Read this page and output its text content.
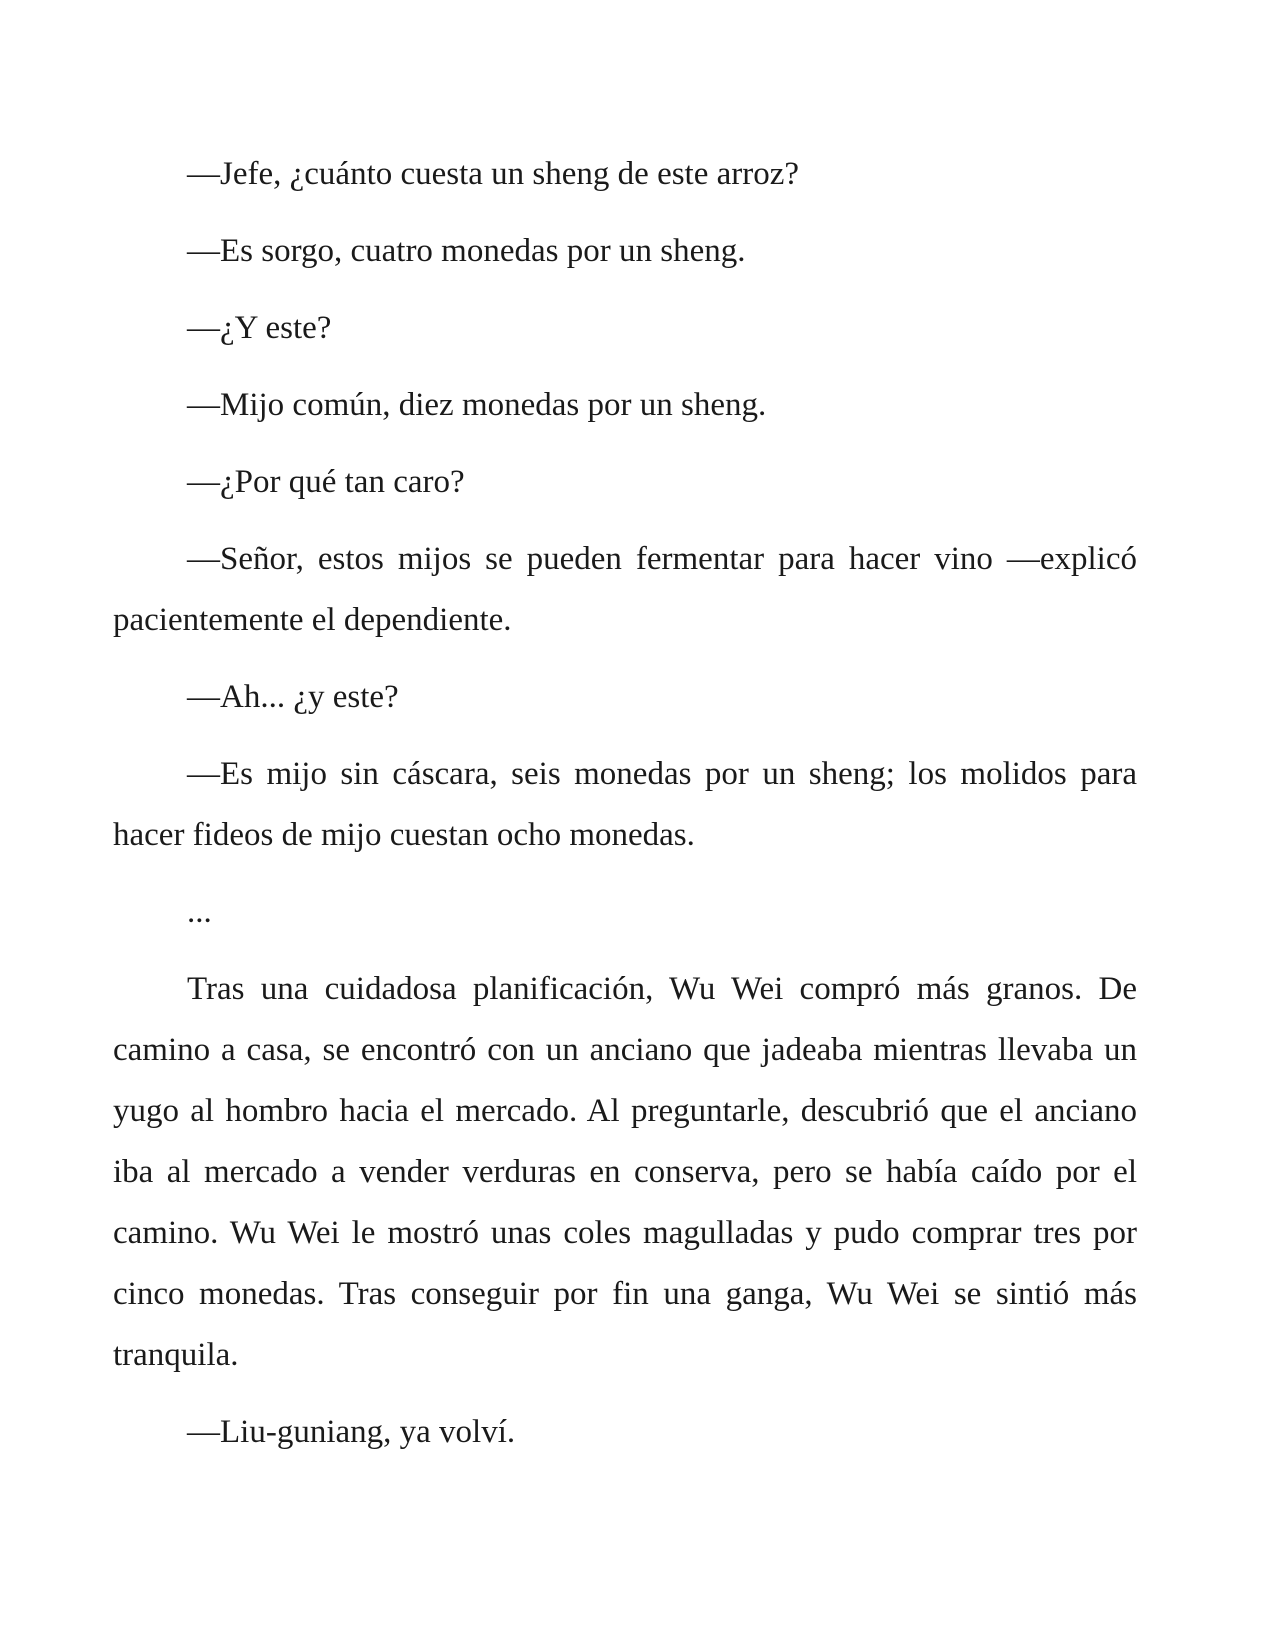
—Jefe, ¿cuánto cuesta un sheng de este arroz?

—Es sorgo, cuatro monedas por un sheng.

—¿Y este?

—Mijo común, diez monedas por un sheng.

—¿Por qué tan caro?

—Señor, estos mijos se pueden fermentar para hacer vino —explicó pacientemente el dependiente.

—Ah... ¿y este?

—Es mijo sin cáscara, seis monedas por un sheng; los molidos para hacer fideos de mijo cuestan ocho monedas.

...

Tras una cuidadosa planificación, Wu Wei compró más granos. De camino a casa, se encontró con un anciano que jadeaba mientras llevaba un yugo al hombro hacia el mercado. Al preguntarle, descubrió que el anciano iba al mercado a vender verduras en conserva, pero se había caído por el camino. Wu Wei le mostró unas coles magulladas y pudo comprar tres por cinco monedas. Tras conseguir por fin una ganga, Wu Wei se sintió más tranquila.

—Liu-guniang, ya volví.
